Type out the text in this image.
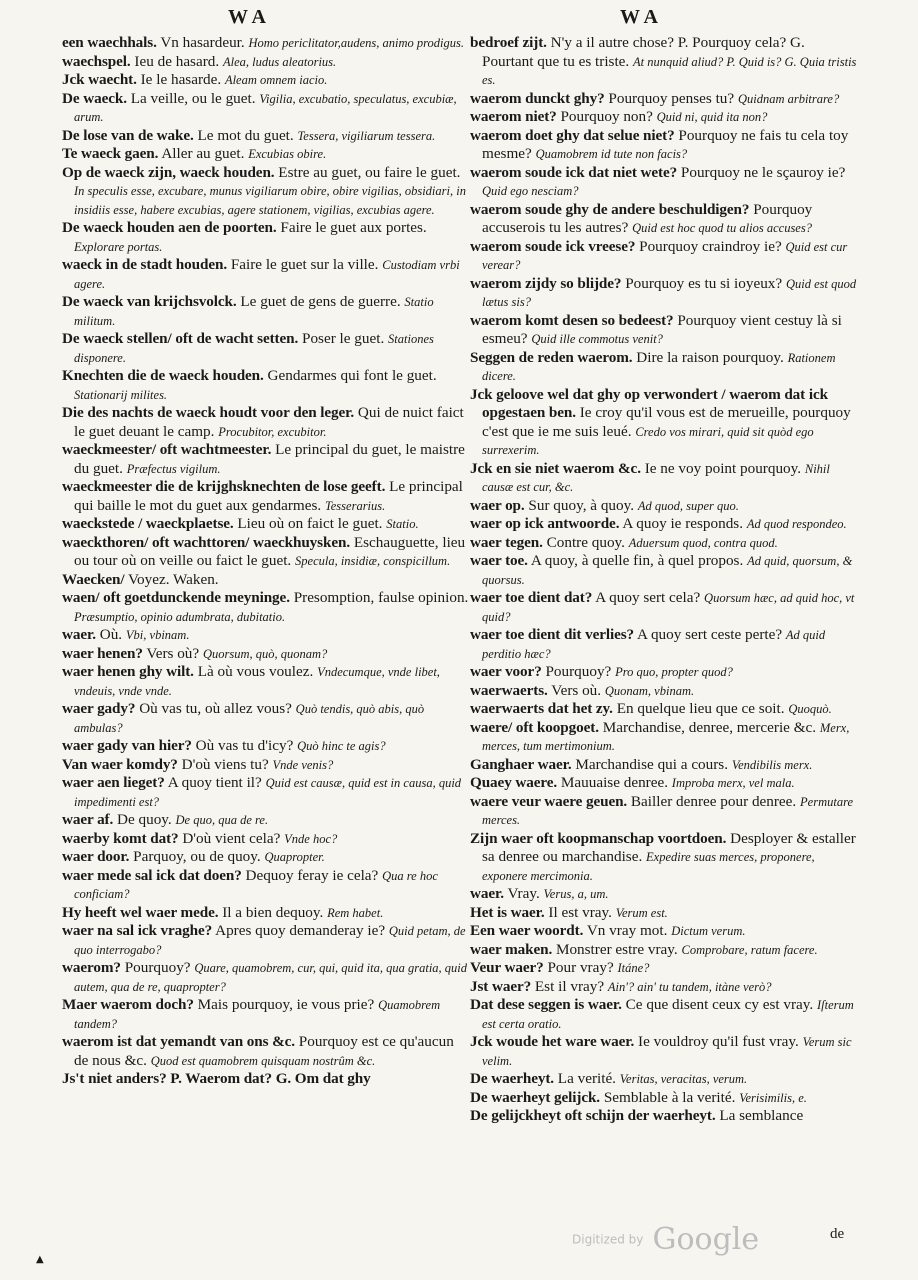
W A	W A

een waechhals. Vn hasardeur. Homo periclitator,audens, animo prodigus.

waechspel. Ieu de hasard. Alea, ludus aleatorius.

Jck waecht. Ie le hasarde. Aleam omnem iacio.

De waeck. La veille, ou le guet. Vigilia, excubatio, speculatus, excubiæ, arum.

De lose van de wake. Le mot du guet. Tessera, vigiliarum tessera.

Te waeck gaen. Aller au guet. Excubias obire.

Op de waeck zijn, waeck houden. Estre au guet, ou faire le guet. In speculis esse, excubare, munus vigiliarum obire, obire vigilias, obsidiari, in insidiis esse, habere excubias, agere stationem, vigilias, excubias agere.

De waeck houden aen de poorten. Faire le guet aux portes. Explorare portas.

waeck in de stadt houden. Faire le guet sur la ville. Custodiam vrbi agere.

De waeck van krijchsvolck. Le guet de gens de guerre. Statio militum.

De waeck stellen/ oft de wacht setten. Poser le guet. Stationes disponere.

Knechten die de waeck houden. Gendarmes qui font le guet. Stationarij milites.

Die des nachts de waeck houdt voor den leger. Qui de nuict faict le guet deuant le camp. Procubitor, excubitor.

waeckmeester/ oft wachtmeester. Le principal du guet, le maistre du guet. Præfectus vigilum.

waeckmeester die de krijghsknechten de lose geeft. Le principal qui baille le mot du guet aux gendarmes. Tesserarius.

waeckstede / waeckplaetse. Lieu où on faict le guet. Statio.

waeckthoren/ oft wachttoren/ waeckhuysken. Eschauguette, lieu ou tour où on veille ou faict le guet. Specula, insidiæ, conspicillum.

Waecken/ Voyez. Waken.

waen/ oft goetdunckende meyninge. Presomption, faulse opinion. Præsumptio, opinio adumbrata, dubitatio.

waer. Où. Vbi, vbinam.

waer henen? Vers où? Quorsum, quò, quonam?

waer henen ghy wilt. Là où vous voulez. Vndecumque, vnde libet, vndeuis, vnde vnde.

waer gady? Où vas tu, où allez vous? Quò tendis, quò abis, quò ambulas?

waer gady van hier? Où vas tu d'icy? Quò hinc te agis?

Van waer komdy? D'où viens tu? Vnde venis?

waer aen lieget? A quoy tient il? Quid est causæ, quid est in causa, quid impedimenti est?

waer af. De quoy. De quo, qua de re.

waerby komt dat? D'où vient cela? Vnde hoc?

waer door. Parquoy, ou de quoy. Quapropter.

waer mede sal ick dat doen? Dequoy feray ie cela? Qua re hoc conficiam?

Hy heeft wel waer mede. Il a bien dequoy. Rem habet.

waer na sal ick vraghe? Apres quoy demanderay ie? Quid petam, de quo interrogabo?

waerom? Pourquoy? Quare, quamobrem, cur, qui, quid ita, qua gratia, quid autem, qua de re, quapropter?

Maer waerom doch? Mais pourquoy, ie vous prie? Quamobrem tandem?

waerom ist dat yemandt van ons &c. Pourquoy est ce qu'aucun de nous &c. Quod est quamobrem quisquam nostrûm &c.

Js't niet anders? P. Waerom dat? G. Om dat ghy

bedroef zijt. N'y a il autre chose? P. Pourquoy cela? G. Pourtant que tu es triste. At nunquid aliud? P. Quid is? G. Quia tristis es.

waerom dunckt ghy? Pourquoy penses tu? Quidnam arbitrare?

waerom niet? Pourquoy non? Quid ni, quid ita non?

waerom doet ghy dat selue niet? Pourquoy ne fais tu cela toy mesme? Quamobrem id tute non facis?

waerom soude ick dat niet wete? Pourquoy ne le sçauroy ie? Quid ego nesciam?

waerom soude ghy de andere beschuldigen? Pourquoy accuserois tu les autres? Quid est hoc quod tu alios accuses?

waerom soude ick vreese? Pourquoy craindroy ie? Quid est cur verear?

waerom zijdy so blijde? Pourquoy es tu si ioyeux? Quid est quod lætus sis?

waerom komt desen so bedeest? Pourquoy vient cestuy là si esmeu? Quid ille commotus venit?

Seggen de reden waerom. Dire la raison pourquoy. Rationem dicere.

Jck geloove wel dat ghy op verwondert / waerom dat ick opgestaen ben. Ie croy qu'il vous est de merueille, pourquoy c'est que ie me suis leué. Credo vos mirari, quid sit quòd ego surrexerim.

Jck en sie niet waerom &c. Ie ne voy point pourquoy. Nihil causæ est cur, &c.

waer op. Sur quoy, à quoy. Ad quod, super quo.

waer op ick antwoorde. A quoy ie responds. Ad quod respondeo.

waer tegen. Contre quoy. Aduersum quod, contra quod.

waer toe. A quoy, à quelle fin, à quel propos. Ad quid, quorsum, & quorsus.

waer toe dient dat? A quoy sert cela? Quorsum hæc, ad quid hoc, vt quid?

waer toe dient dit verlies? A quoy sert ceste perte? Ad quid perditio hæc?

waer voor? Pourquoy? Pro quo, propter quod?

waerwaerts. Vers où. Quonam, vbinam.

waerwaerts dat het zy. En quelque lieu que ce soit. Quoquò.

waere/ oft koopgoet. Marchandise, denree, mercerie &c. Merx, merces, tum mertimonium.

Ganghaer waer. Marchandise qui a cours. Vendibilis merx.

Quaey waere. Mauuaise denree. Improba merx, vel mala.

waere veur waere geuen. Bailler denree pour denree. Permutare merces.

Zijn waer oft koopmanschap voortdoen. Desployer & estaller sa denree ou marchandise. Expedire suas merces, proponere, exponere mercimonia.

waer. Vray. Verus, a, um.

Het is waer. Il est vray. Verum est.

Een waer woordt. Vn vray mot. Dictum verum.

waer maken. Monstrer estre vray. Comprobare, ratum facere.

Veur waer? Pour vray? Itáne?

Jst waer? Est il vray? Ain'? ain' tu tandem, itàne verò?

Dat dese seggen is waer. Ce que disent ceux cy est vray. Iſterum est certa oratio.

Jck woude het ware waer. Ie vouldroy qu'il fust vray. Verum sic velim.

De waerheyt. La verité. Veritas, veracitas, verum.

De waerheyt gelijck. Semblable à la verité. Verisimilis, e.

De gelijckheyt oft schijn der waerheyt. La semblance

▲
Digitized by Google	de
